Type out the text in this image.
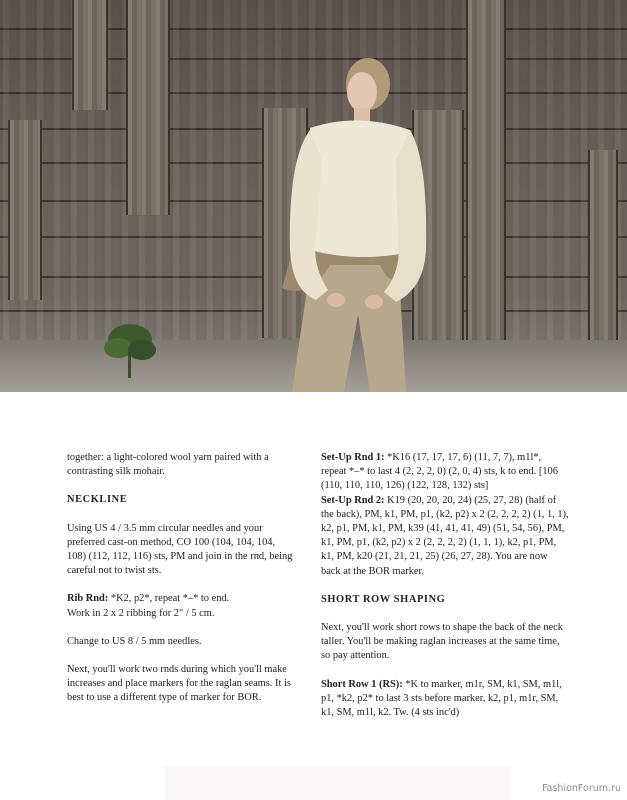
together: a light-colored wool yarn paired with a contrasting silk mohair.

NECKLINE

Using US 4 / 3.5 mm circular needles and your preferred cast-on method, CO 100 (104, 104, 104, 108) (112, 112, 116) sts, PM and join in the rnd, being careful not to twist sts.

Rib Rnd: *K2, p2*, repeat *–* to end.

Work in 2 x 2 ribbing for 2" / 5 cm.

Change to US 8 / 5 mm needles.

Next, you'll work two rnds during which you'll make increases and place markers for the raglan seams. It is best to use a different type of marker for BOR.

Set-Up Rnd 1: *K16 (17, 17, 17, 6) (11, 7, 7), m1l*, repeat *–* to last 4 (2, 2, 2, 0) (2, 0, 4) sts, k to end. [106 (110, 110, 110, 126) (122, 128, 132) sts]

Set-Up Rnd 2: K19 (20, 20, 20, 24) (25, 27, 28) (half of the back), PM, k1, PM, p1, (k2, p2) x 2 (2, 2, 2, 2) (1, 1, 1), k2, p1, PM, k1, PM, k39 (41, 41, 41, 49) (51, 54, 56), PM, k1, PM, p1, (k2, p2) x 2 (2, 2, 2, 2) (1, 1, 1), k2, p1, PM, k1, PM, k20 (21, 21, 21, 25) (26, 27, 28). You are now back at the BOR marker.

SHORT ROW SHAPING

Next, you'll work short rows to shape the back of the neck taller. You'll be making raglan increases at the same time, so pay attention.

Short Row 1 (RS): *K to marker, m1r, SM, k1, SM, m1l, p1, *k2, p2* to last 3 sts before marker, k2, p1, m1r, SM, k1, SM, m1l, k2. Tw. (4 sts inc'd)

FashionForum.ru
